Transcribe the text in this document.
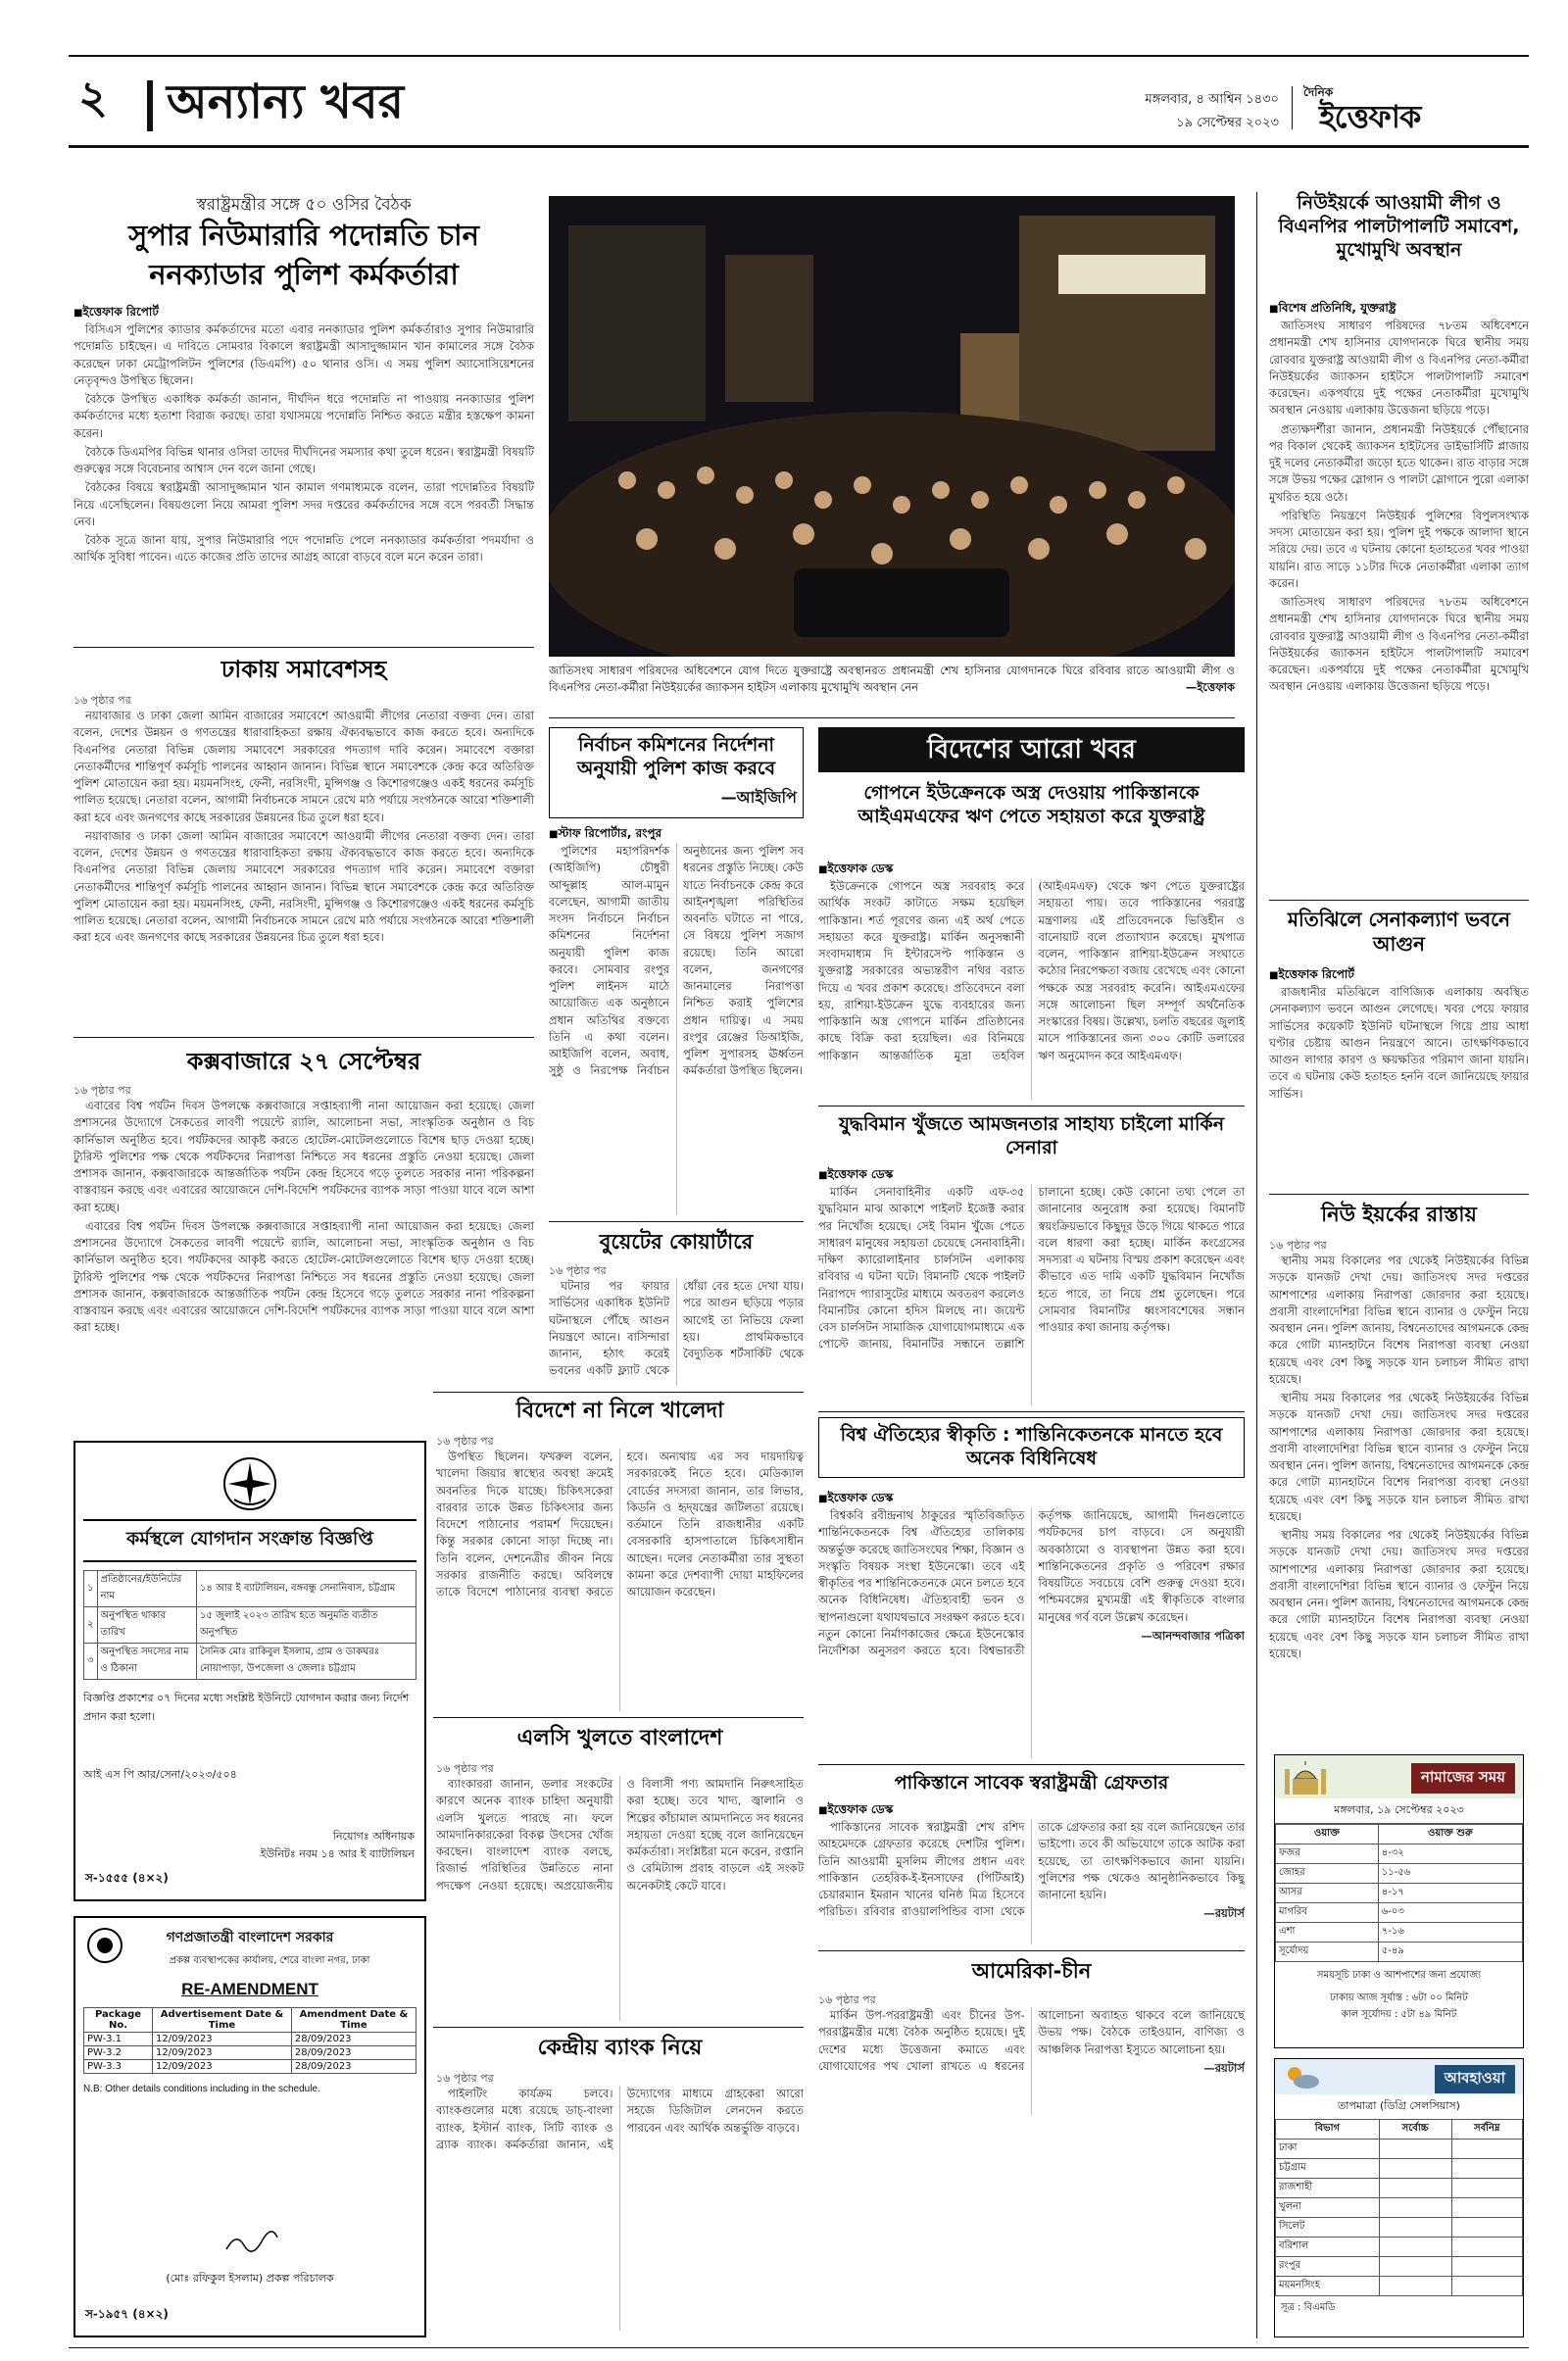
২ অন্যান্য খবর	মঙ্গলবার, ৪ আশ্বিন ১৪৩০
১৯ সেপ্টেম্বর ২০২৩
দৈনিক
ইত্তেফাক
স্বরাষ্ট্রমন্ত্রীর সঙ্গে ৫০ ওসির বৈঠক
সুপার নিউমারারি পদোন্নতি চান
ননক্যাডার পুলিশ কর্মকর্তারা
■ ইত্তেফাক রিপোর্ট

বিসিএস পুলিশের ক্যাডার কর্মকর্তাদের মতো এবার ননক্যাডার পুলিশ কর্মকর্তারাও সুপার নিউমারারি পদোন্নতি চাইছেন। এ দাবিতে সোমবার বিকালে স্বরাষ্ট্রমন্ত্রী আসাদুজ্জামান খান কামালের সঙ্গে বৈঠক করেছেন ঢাকা মেট্রোপলিটন পুলিশের (ডিএমপি) ৫০ থানার ওসি। এ সময় পুলিশ অ্যাসোসিয়েশনের নেতৃবৃন্দও উপস্থিত ছিলেন।

বৈঠকে উপস্থিত একাধিক কর্মকর্তা জানান, দীর্ঘদিন ধরে পদোন্নতি না পাওয়ায় ননক্যাডার পুলিশ কর্মকর্তাদের মধ্যে হতাশা বিরাজ করছে। তারা যথাসময়ে পদোন্নতি নিশ্চিত করতে মন্ত্রীর হস্তক্ষেপ কামনা করেন।

বৈঠকে ডিএমপির বিভিন্ন থানার ওসিরা তাদের দীর্ঘদিনের সমস্যার কথা তুলে ধরেন। স্বরাষ্ট্রমন্ত্রী বিষয়টি গুরুত্বের সঙ্গে বিবেচনার আশ্বাস দেন বলে জানা গেছে।

বৈঠকের বিষয়ে স্বরাষ্ট্রমন্ত্রী আসাদুজ্জামান খান কামাল গণমাধ্যমকে বলেন, তারা পদোন্নতির বিষয়টি নিয়ে এসেছিলেন। বিষয়গুলো নিয়ে আমরা পুলিশ সদর দপ্তরের কর্মকর্তাদের সঙ্গে বসে পরবর্তী সিদ্ধান্ত নেব।

বৈঠক সূত্রে জানা যায়, সুপার নিউমারারি পদে পদোন্নতি পেলে ননক্যাডার কর্মকর্তারা পদমর্যাদা ও আর্থিক সুবিধা পাবেন। এতে কাজের প্রতি তাদের আগ্রহ আরো বাড়বে বলে মনে করেন তারা।

ঢাকায় সমাবেশসহ
১৬ পৃষ্ঠার পর

নয়াবাজার ও ঢাকা জেলা আমিন বাজারের সমাবেশে আওয়ামী লীগের নেতারা বক্তব্য দেন। তারা বলেন, দেশের উন্নয়ন ও গণতন্ত্রের ধারাবাহিকতা রক্ষায় ঐক্যবদ্ধভাবে কাজ করতে হবে। অন্যদিকে বিএনপির নেতারা বিভিন্ন জেলায় সমাবেশে সরকারের পদত্যাগ দাবি করেন। সমাবেশে বক্তারা নেতাকর্মীদের শান্তিপূর্ণ কর্মসূচি পালনের আহ্বান জানান। বিভিন্ন স্থানে সমাবেশকে কেন্দ্র করে অতিরিক্ত পুলিশ মোতায়েন করা হয়। ময়মনসিংহ, ফেনী, নরসিংদী, মুন্সিগঞ্জ ও কিশোরগঞ্জেও একই ধরনের কর্মসূচি পালিত হয়েছে। নেতারা বলেন, আগামী নির্বাচনকে সামনে রেখে মাঠ পর্যায়ে সংগঠনকে আরো শক্তিশালী করা হবে এবং জনগণের কাছে সরকারের উন্নয়নের চিত্র তুলে ধরা হবে।

নয়াবাজার ও ঢাকা জেলা আমিন বাজারের সমাবেশে আওয়ামী লীগের নেতারা বক্তব্য দেন। তারা বলেন, দেশের উন্নয়ন ও গণতন্ত্রের ধারাবাহিকতা রক্ষায় ঐক্যবদ্ধভাবে কাজ করতে হবে। অন্যদিকে বিএনপির নেতারা বিভিন্ন জেলায় সমাবেশে সরকারের পদত্যাগ দাবি করেন। সমাবেশে বক্তারা নেতাকর্মীদের শান্তিপূর্ণ কর্মসূচি পালনের আহ্বান জানান। বিভিন্ন স্থানে সমাবেশকে কেন্দ্র করে অতিরিক্ত পুলিশ মোতায়েন করা হয়। ময়মনসিংহ, ফেনী, নরসিংদী, মুন্সিগঞ্জ ও কিশোরগঞ্জেও একই ধরনের কর্মসূচি পালিত হয়েছে। নেতারা বলেন, আগামী নির্বাচনকে সামনে রেখে মাঠ পর্যায়ে সংগঠনকে আরো শক্তিশালী করা হবে এবং জনগণের কাছে সরকারের উন্নয়নের চিত্র তুলে ধরা হবে।

কক্সবাজারে ২৭ সেপ্টেম্বর
১৬ পৃষ্ঠার পর

এবারের বিশ্ব পর্যটন দিবস উপলক্ষে কক্সবাজারে সপ্তাহব্যাপী নানা আয়োজন করা হয়েছে। জেলা প্রশাসনের উদ্যোগে সৈকতের লাবণী পয়েন্টে র‍্যালি, আলোচনা সভা, সাংস্কৃতিক অনুষ্ঠান ও বিচ কার্নিভাল অনুষ্ঠিত হবে। পর্যটকদের আকৃষ্ট করতে হোটেল-মোটেলগুলোতে বিশেষ ছাড় দেওয়া হচ্ছে। ট্যুরিস্ট পুলিশের পক্ষ থেকে পর্যটকদের নিরাপত্তা নিশ্চিতে সব ধরনের প্রস্তুতি নেওয়া হয়েছে। জেলা প্রশাসক জানান, কক্সবাজারকে আন্তর্জাতিক পর্যটন কেন্দ্র হিসেবে গড়ে তুলতে সরকার নানা পরিকল্পনা বাস্তবায়ন করছে এবং এবারের আয়োজনে দেশি-বিদেশি পর্যটকদের ব্যাপক সাড়া পাওয়া যাবে বলে আশা করা হচ্ছে।

এবারের বিশ্ব পর্যটন দিবস উপলক্ষে কক্সবাজারে সপ্তাহব্যাপী নানা আয়োজন করা হয়েছে। জেলা প্রশাসনের উদ্যোগে সৈকতের লাবণী পয়েন্টে র‍্যালি, আলোচনা সভা, সাংস্কৃতিক অনুষ্ঠান ও বিচ কার্নিভাল অনুষ্ঠিত হবে। পর্যটকদের আকৃষ্ট করতে হোটেল-মোটেলগুলোতে বিশেষ ছাড় দেওয়া হচ্ছে। ট্যুরিস্ট পুলিশের পক্ষ থেকে পর্যটকদের নিরাপত্তা নিশ্চিতে সব ধরনের প্রস্তুতি নেওয়া হয়েছে। জেলা প্রশাসক জানান, কক্সবাজারকে আন্তর্জাতিক পর্যটন কেন্দ্র হিসেবে গড়ে তুলতে সরকার নানা পরিকল্পনা বাস্তবায়ন করছে এবং এবারের আয়োজনে দেশি-বিদেশি পর্যটকদের ব্যাপক সাড়া পাওয়া যাবে বলে আশা করা হচ্ছে।

কর্মস্থলে যোগদান সংক্রান্ত বিজ্ঞপ্তি
১	প্রতিষ্ঠানের/ইউনিটের নাম	১৪ আর ই ব্যাটালিয়ন, বঙ্গবন্ধু সেনানিবাস, চট্টগ্রাম
২	অনুপস্থিত থাকার তারিখ	১৫ জুলাই ২০২৩ তারিখ হতে অনুমতি ব্যতীত অনুপস্থিত
৩	অনুপস্থিত সদস্যের নাম ও ঠিকানা	সৈনিক মোঃ রাকিবুল ইসলাম, গ্রাম ও ডাকঘরঃ নোয়াপাড়া, উপজেলা ও জেলাঃ চট্টগ্রাম
বিজ্ঞপ্তি প্রকাশের ০৭ দিনের মধ্যে সংশ্লিষ্ট ইউনিটে যোগদান করার জন্য নির্দেশ প্রদান করা হলো।
আই এস পি আর/সেনা/২০২৩/৫০৪
নিয়োগঃ অধিনায়ক
ইউনিটঃ নবম ১৪ আর ই ব্যাটালিয়ন
স-১৫৫৫ (৪×২)
গণপ্রজাতন্ত্রী বাংলাদেশ সরকার
প্রকল্প ব্যবস্থাপকের কার্যালয়, শেরে বাংলা নগর, ঢাকা
RE-AMENDMENT
Package No.	Advertisement Date & Time	Amendment Date & Time
PW-3.1	12/09/2023	28/09/2023
PW-3.2	12/09/2023	28/09/2023
PW-3.3	12/09/2023	28/09/2023
N.B: Other details conditions including in the schedule.
(মোঃ রফিকুল ইসলাম) প্রকল্প পরিচালক
স-১৯৫৭ (৪×২)
জাতিসংঘ সাধারণ পরিষদের অধিবেশনে যোগ দিতে যুক্তরাষ্ট্রে অবস্থানরত প্রধানমন্ত্রী শেখ হাসিনার যোগদানকে ঘিরে রবিবার রাতে আওয়ামী লীগ ও বিএনপির নেতা-কর্মীরা নিউইয়র্কের জ্যাকসন হাইটস এলাকায় মুখোমুখি অবস্থান নেন	—ইত্তেফাক
নির্বাচন কমিশনের নির্দেশনা অনুযায়ী পুলিশ কাজ করবে
—আইজিপি
■ স্টাফ রিপোর্টার, রংপুর

পুলিশের মহাপরিদর্শক (আইজিপি) চৌধুরী আব্দুল্লাহ আল-মামুন বলেছেন, আগামী জাতীয় সংসদ নির্বাচনে নির্বাচন কমিশনের নির্দেশনা অনুযায়ী পুলিশ কাজ করবে। সোমবার রংপুর পুলিশ লাইনস মাঠে আয়োজিত এক অনুষ্ঠানে প্রধান অতিথির বক্তব্যে তিনি এ কথা বলেন। আইজিপি বলেন, অবাধ, সুষ্ঠু ও নিরপেক্ষ নির্বাচন অনুষ্ঠানের জন্য পুলিশ সব ধরনের প্রস্তুতি নিচ্ছে। কেউ যাতে নির্বাচনকে কেন্দ্র করে আইনশৃঙ্খলা পরিস্থিতির অবনতি ঘটাতে না পারে, সে বিষয়ে পুলিশ সজাগ রয়েছে। তিনি আরো বলেন, জনগণের জানমালের নিরাপত্তা নিশ্চিত করাই পুলিশের প্রধান দায়িত্ব। এ সময় রংপুর রেঞ্জের ডিআইজি, পুলিশ সুপারসহ ঊর্ধ্বতন কর্মকর্তারা উপস্থিত ছিলেন।

বুয়েটের কোয়ার্টারে
১৬ পৃষ্ঠার পর

ঘটনার পর ফায়ার সার্ভিসের একাধিক ইউনিট ঘটনাস্থলে পৌঁছে আগুন নিয়ন্ত্রণে আনে। বাসিন্দারা জানান, হঠাৎ করেই ভবনের একটি ফ্ল্যাট থেকে ধোঁয়া বের হতে দেখা যায়। পরে আগুন ছড়িয়ে পড়ার আগেই তা নিভিয়ে ফেলা হয়। প্রাথমিকভাবে বৈদ্যুতিক শর্টসার্কিট থেকে

বিদেশে না নিলে খালেদা
১৬ পৃষ্ঠার পর

উপস্থিত ছিলেন। ফখরুল বলেন, খালেদা জিয়ার স্বাস্থ্যের অবস্থা ক্রমেই অবনতির দিকে যাচ্ছে। চিকিৎসকেরা বারবার তাকে উন্নত চিকিৎসার জন্য বিদেশে পাঠানোর পরামর্শ দিয়েছেন। কিন্তু সরকার কোনো সাড়া দিচ্ছে না। তিনি বলেন, দেশনেত্রীর জীবন নিয়ে সরকার রাজনীতি করছে। অবিলম্বে তাকে বিদেশে পাঠানোর ব্যবস্থা করতে হবে। অন্যথায় এর সব দায়দায়িত্ব সরকারকেই নিতে হবে। মেডিক্যাল বোর্ডের সদস্যরা জানান, তার লিভার, কিডনি ও হৃদ্‌যন্ত্রের জটিলতা রয়েছে। বর্তমানে তিনি রাজধানীর একটি বেসরকারি হাসপাতালে চিকিৎসাধীন আছেন। দলের নেতাকর্মীরা তার সুস্থতা কামনা করে দেশব্যাপী দোয়া মাহফিলের আয়োজন করেছেন।

এলসি খুলতে বাংলাদেশ
১৬ পৃষ্ঠার পর

ব্যাংকাররা জানান, ডলার সংকটের কারণে অনেক ব্যাংক চাহিদা অনুযায়ী এলসি খুলতে পারছে না। ফলে আমদানিকারকেরা বিকল্প উৎসের খোঁজ করছেন। বাংলাদেশ ব্যাংক বলছে, রিজার্ভ পরিস্থিতির উন্নতিতে নানা পদক্ষেপ নেওয়া হয়েছে। অপ্রয়োজনীয় ও বিলাসী পণ্য আমদানি নিরুৎসাহিত করা হচ্ছে। তবে খাদ্য, জ্বালানি ও শিল্পের কাঁচামাল আমদানিতে সব ধরনের সহায়তা দেওয়া হচ্ছে বলে জানিয়েছেন কর্মকর্তারা। সংশ্লিষ্টরা মনে করেন, রপ্তানি ও রেমিট্যান্স প্রবাহ বাড়লে এই সংকট অনেকটাই কেটে যাবে।

কেন্দ্রীয় ব্যাংক নিয়ে
১৬ পৃষ্ঠার পর

পাইলটিং কার্যক্রম চলবে। ব্যাংকগুলোর মধ্যে রয়েছে ডাচ্‌-বাংলা ব্যাংক, ইস্টার্ন ব্যাংক, সিটি ব্যাংক ও ব্র্যাক ব্যাংক। কর্মকর্তারা জানান, এই উদ্যোগের মাধ্যমে গ্রাহকেরা আরো সহজে ডিজিটাল লেনদেন করতে পারবেন এবং আর্থিক অন্তর্ভুক্তি বাড়বে।

বিদেশের আরো খবর
গোপনে ইউক্রেনকে অস্ত্র দেওয়ায় পাকিস্তানকে আইএমএফের ঋণ পেতে সহায়তা করে যুক্তরাষ্ট্র
■ ইত্তেফাক ডেস্ক

ইউক্রেনকে গোপনে অস্ত্র সরবরাহ করে আর্থিক সংকট কাটাতে সক্ষম হয়েছিল পাকিস্তান। শর্ত পূরণের জন্য এই অর্থ পেতে সহায়তা করে যুক্তরাষ্ট্র। মার্কিন অনুসন্ধানী সংবাদমাধ্যম দি ইন্টারসেপ্ট পাকিস্তান ও যুক্তরাষ্ট্র সরকারের অভ্যন্তরীণ নথির বরাত দিয়ে এ খবর প্রকাশ করেছে। প্রতিবেদনে বলা হয়, রাশিয়া-ইউক্রেন যুদ্ধে ব্যবহারের জন্য পাকিস্তানি অস্ত্র গোপনে মার্কিন প্রতিষ্ঠানের কাছে বিক্রি করা হয়েছিল। এর বিনিময়ে পাকিস্তান আন্তর্জাতিক মুদ্রা তহবিল (আইএমএফ) থেকে ঋণ পেতে যুক্তরাষ্ট্রের সহায়তা পায়। তবে পাকিস্তানের পররাষ্ট্র মন্ত্রণালয় এই প্রতিবেদনকে ভিত্তিহীন ও বানোয়াট বলে প্রত্যাখ্যান করেছে। মুখপাত্র বলেন, পাকিস্তান রাশিয়া-ইউক্রেন সংঘাতে কঠোর নিরপেক্ষতা বজায় রেখেছে এবং কোনো পক্ষকে অস্ত্র সরবরাহ করেনি। আইএমএফের সঙ্গে আলোচনা ছিল সম্পূর্ণ অর্থনৈতিক সংস্কারের বিষয়। উল্লেখ্য, চলতি বছরের জুলাই মাসে পাকিস্তানের জন্য ৩০০ কোটি ডলারের ঋণ অনুমোদন করে আইএমএফ।

যুদ্ধবিমান খুঁজতে আমজনতার সাহায্য চাইলো মার্কিন সেনারা
■ ইত্তেফাক ডেস্ক

মার্কিন সেনাবাহিনীর একটি এফ-৩৫ যুদ্ধবিমান মাঝ আকাশে পাইলট ইজেক্ট করার পর নিখোঁজ হয়েছে। সেই বিমান খুঁজে পেতে সাধারণ মানুষের সহায়তা চেয়েছে সেনাবাহিনী। দক্ষিণ ক্যারোলাইনার চার্লসটন এলাকায় রবিবার এ ঘটনা ঘটে। বিমানটি থেকে পাইলট নিরাপদে প্যারাসুটের মাধ্যমে অবতরণ করলেও বিমানটির কোনো হদিস মিলছে না। জয়েন্ট বেস চার্লসটন সামাজিক যোগাযোগমাধ্যমে এক পোস্টে জানায়, বিমানটির সন্ধানে তল্লাশি চালানো হচ্ছে। কেউ কোনো তথ্য পেলে তা জানানোর অনুরোধ করা হয়েছে। বিমানটি স্বয়ংক্রিয়ভাবে কিছুদূর উড়ে গিয়ে থাকতে পারে বলে ধারণা করা হচ্ছে। মার্কিন কংগ্রেসের সদস্যরা এ ঘটনায় বিস্ময় প্রকাশ করেছেন এবং কীভাবে এত দামি একটি যুদ্ধবিমান নিখোঁজ হতে পারে, তা নিয়ে প্রশ্ন তুলেছেন। পরে সোমবার বিমানটির ধ্বংসাবশেষের সন্ধান পাওয়ার কথা জানায় কর্তৃপক্ষ।

বিশ্ব ঐতিহ্যের স্বীকৃতি : শান্তিনিকেতনকে মানতে হবে অনেক বিধিনিষেধ
■ ইত্তেফাক ডেস্ক

বিশ্বকবি রবীন্দ্রনাথ ঠাকুরের স্মৃতিবিজড়িত শান্তিনিকেতনকে বিশ্ব ঐতিহ্যের তালিকায় অন্তর্ভুক্ত করেছে জাতিসংঘের শিক্ষা, বিজ্ঞান ও সংস্কৃতি বিষয়ক সংস্থা ইউনেস্কো। তবে এই স্বীকৃতির পর শান্তিনিকেতনকে মেনে চলতে হবে অনেক বিধিনিষেধ। ঐতিহ্যবাহী ভবন ও স্থাপনাগুলো যথাযথভাবে সংরক্ষণ করতে হবে। নতুন কোনো নির্মাণকাজের ক্ষেত্রে ইউনেস্কোর নির্দেশিকা অনুসরণ করতে হবে। বিশ্বভারতী কর্তৃপক্ষ জানিয়েছে, আগামী দিনগুলোতে পর্যটকদের চাপ বাড়বে। সে অনুযায়ী অবকাঠামো ও ব্যবস্থাপনা উন্নত করা হবে। শান্তিনিকেতনের প্রকৃতি ও পরিবেশ রক্ষার বিষয়টিতে সবচেয়ে বেশি গুরুত্ব দেওয়া হবে। পশ্চিমবঙ্গের মুখ্যমন্ত্রী এই স্বীকৃতিকে বাংলার মানুষের গর্ব বলে উল্লেখ করেছেন।

—আনন্দবাজার পত্রিকা

পাকিস্তানে সাবেক স্বরাষ্ট্রমন্ত্রী গ্রেফতার
■ ইত্তেফাক ডেস্ক

পাকিস্তানের সাবেক স্বরাষ্ট্রমন্ত্রী শেখ রশিদ আহমেদকে গ্রেফতার করেছে দেশটির পুলিশ। তিনি আওয়ামী মুসলিম লীগের প্রধান এবং পাকিস্তান তেহরিক-ই-ইনসাফের (পিটিআই) চেয়ারম্যান ইমরান খানের ঘনিষ্ঠ মিত্র হিসেবে পরিচিত। রবিবার রাওয়ালপিন্ডির বাসা থেকে তাকে গ্রেফতার করা হয় বলে জানিয়েছেন তার ভাইপো। তবে কী অভিযোগে তাকে আটক করা হয়েছে, তা তাৎক্ষণিকভাবে জানা যায়নি। পুলিশের পক্ষ থেকেও আনুষ্ঠানিকভাবে কিছু জানানো হয়নি।

—রয়টার্স

আমেরিকা-চীন
১৬ পৃষ্ঠার পর

মার্কিন উপ-পররাষ্ট্রমন্ত্রী এবং চীনের উপ-পররাষ্ট্রমন্ত্রীর মধ্যে বৈঠক অনুষ্ঠিত হয়েছে। দুই দেশের মধ্যে উত্তেজনা কমাতে এবং যোগাযোগের পথ খোলা রাখতে এ ধরনের আলোচনা অব্যাহত থাকবে বলে জানিয়েছে উভয় পক্ষ। বৈঠকে তাইওয়ান, বাণিজ্য ও আঞ্চলিক নিরাপত্তা ইস্যুতে আলোচনা হয়।

—রয়টার্স

নিউইয়র্কে আওয়ামী লীগ ও বিএনপির পালটাপালটি সমাবেশ, মুখোমুখি অবস্থান
■ বিশেষ প্রতিনিধি, যুক্তরাষ্ট্র

জাতিসংঘ সাধারণ পরিষদের ৭৮তম অধিবেশনে প্রধানমন্ত্রী শেখ হাসিনার যোগদানকে ঘিরে স্থানীয় সময় রোববার যুক্তরাষ্ট্র আওয়ামী লীগ ও বিএনপির নেতা-কর্মীরা নিউইয়র্কের জ্যাকসন হাইটসে পালটাপালটি সমাবেশ করেছেন। একপর্যায়ে দুই পক্ষের নেতাকর্মীরা মুখোমুখি অবস্থান নেওয়ায় এলাকায় উত্তেজনা ছড়িয়ে পড়ে।

প্রত্যক্ষদর্শীরা জানান, প্রধানমন্ত্রী নিউইয়র্কে পৌঁছানোর পর বিকাল থেকেই জ্যাকসন হাইটসের ডাইভার্সিটি প্লাজায় দুই দলের নেতাকর্মীরা জড়ো হতে থাকেন। রাত বাড়ার সঙ্গে সঙ্গে উভয় পক্ষের স্লোগান ও পালটা স্লোগানে পুরো এলাকা মুখরিত হয়ে ওঠে।

পরিস্থিতি নিয়ন্ত্রণে নিউইয়র্ক পুলিশের বিপুলসংখ্যক সদস্য মোতায়েন করা হয়। পুলিশ দুই পক্ষকে আলাদা স্থানে সরিয়ে দেয়। তবে এ ঘটনায় কোনো হতাহতের খবর পাওয়া যায়নি। রাত সাড়ে ১১টার দিকে নেতাকর্মীরা এলাকা ত্যাগ করেন।

জাতিসংঘ সাধারণ পরিষদের ৭৮তম অধিবেশনে প্রধানমন্ত্রী শেখ হাসিনার যোগদানকে ঘিরে স্থানীয় সময় রোববার যুক্তরাষ্ট্র আওয়ামী লীগ ও বিএনপির নেতা-কর্মীরা নিউইয়র্কের জ্যাকসন হাইটসে পালটাপালটি সমাবেশ করেছেন। একপর্যায়ে দুই পক্ষের নেতাকর্মীরা মুখোমুখি অবস্থান নেওয়ায় এলাকায় উত্তেজনা ছড়িয়ে পড়ে।

মতিঝিলে সেনাকল্যাণ ভবনে আগুন
■ ইত্তেফাক রিপোর্ট

রাজধানীর মতিঝিলে বাণিজ্যিক এলাকায় অবস্থিত সেনাকল্যাণ ভবনে আগুন লেগেছে। খবর পেয়ে ফায়ার সার্ভিসের কয়েকটি ইউনিট ঘটনাস্থলে গিয়ে প্রায় আধা ঘণ্টার চেষ্টায় আগুন নিয়ন্ত্রণে আনে। তাৎক্ষণিকভাবে আগুন লাগার কারণ ও ক্ষয়ক্ষতির পরিমাণ জানা যায়নি। তবে এ ঘটনায় কেউ হতাহত হননি বলে জানিয়েছে ফায়ার সার্ভিস।

নিউ ইয়র্কের রাস্তায়
১৬ পৃষ্ঠার পর

স্থানীয় সময় বিকালের পর থেকেই নিউইয়র্কের বিভিন্ন সড়কে যানজট দেখা দেয়। জাতিসংঘ সদর দপ্তরের আশপাশের এলাকায় নিরাপত্তা জোরদার করা হয়েছে। প্রবাসী বাংলাদেশিরা বিভিন্ন স্থানে ব্যানার ও ফেস্টুন নিয়ে অবস্থান নেন। পুলিশ জানায়, বিশ্বনেতাদের আগমনকে কেন্দ্র করে গোটা ম্যানহাটনে বিশেষ নিরাপত্তা ব্যবস্থা নেওয়া হয়েছে এবং বেশ কিছু সড়কে যান চলাচল সীমিত রাখা হয়েছে।

স্থানীয় সময় বিকালের পর থেকেই নিউইয়র্কের বিভিন্ন সড়কে যানজট দেখা দেয়। জাতিসংঘ সদর দপ্তরের আশপাশের এলাকায় নিরাপত্তা জোরদার করা হয়েছে। প্রবাসী বাংলাদেশিরা বিভিন্ন স্থানে ব্যানার ও ফেস্টুন নিয়ে অবস্থান নেন। পুলিশ জানায়, বিশ্বনেতাদের আগমনকে কেন্দ্র করে গোটা ম্যানহাটনে বিশেষ নিরাপত্তা ব্যবস্থা নেওয়া হয়েছে এবং বেশ কিছু সড়কে যান চলাচল সীমিত রাখা হয়েছে।

স্থানীয় সময় বিকালের পর থেকেই নিউইয়র্কের বিভিন্ন সড়কে যানজট দেখা দেয়। জাতিসংঘ সদর দপ্তরের আশপাশের এলাকায় নিরাপত্তা জোরদার করা হয়েছে। প্রবাসী বাংলাদেশিরা বিভিন্ন স্থানে ব্যানার ও ফেস্টুন নিয়ে অবস্থান নেন। পুলিশ জানায়, বিশ্বনেতাদের আগমনকে কেন্দ্র করে গোটা ম্যানহাটনে বিশেষ নিরাপত্তা ব্যবস্থা নেওয়া হয়েছে এবং বেশ কিছু সড়কে যান চলাচল সীমিত রাখা হয়েছে।

নামাজের সময়
মঙ্গলবার, ১৯ সেপ্টেম্বর ২০২৩
ওয়াক্ত	ওয়াক্ত শুরু
ফজর	৪-৩২
জোহর	১১-৫৬
আসর	৪-১৭
মাগরিব	৬-০৩
এশা	৭-১৬
সূর্যোদয়	৫-৪৯
সময়সূচি ঢাকা ও আশপাশের জন্য প্রযোজ্য
ঢাকায় আজ সূর্যাস্ত : ৬টা ০০ মিনিট
কাল সূর্যোদয় : ৫টা ৪৯ মিনিট
আবহাওয়া
তাপমাত্রা (ডিগ্রি সেলসিয়াস)
বিভাগ	সর্বোচ্চ	সর্বনিম্ন
ঢাকা		
চট্টগ্রাম		
রাজশাহী		
খুলনা		
সিলেট		
বরিশাল		
রংপুর		
ময়মনসিংহ		
সূত্র : বিএমডি
